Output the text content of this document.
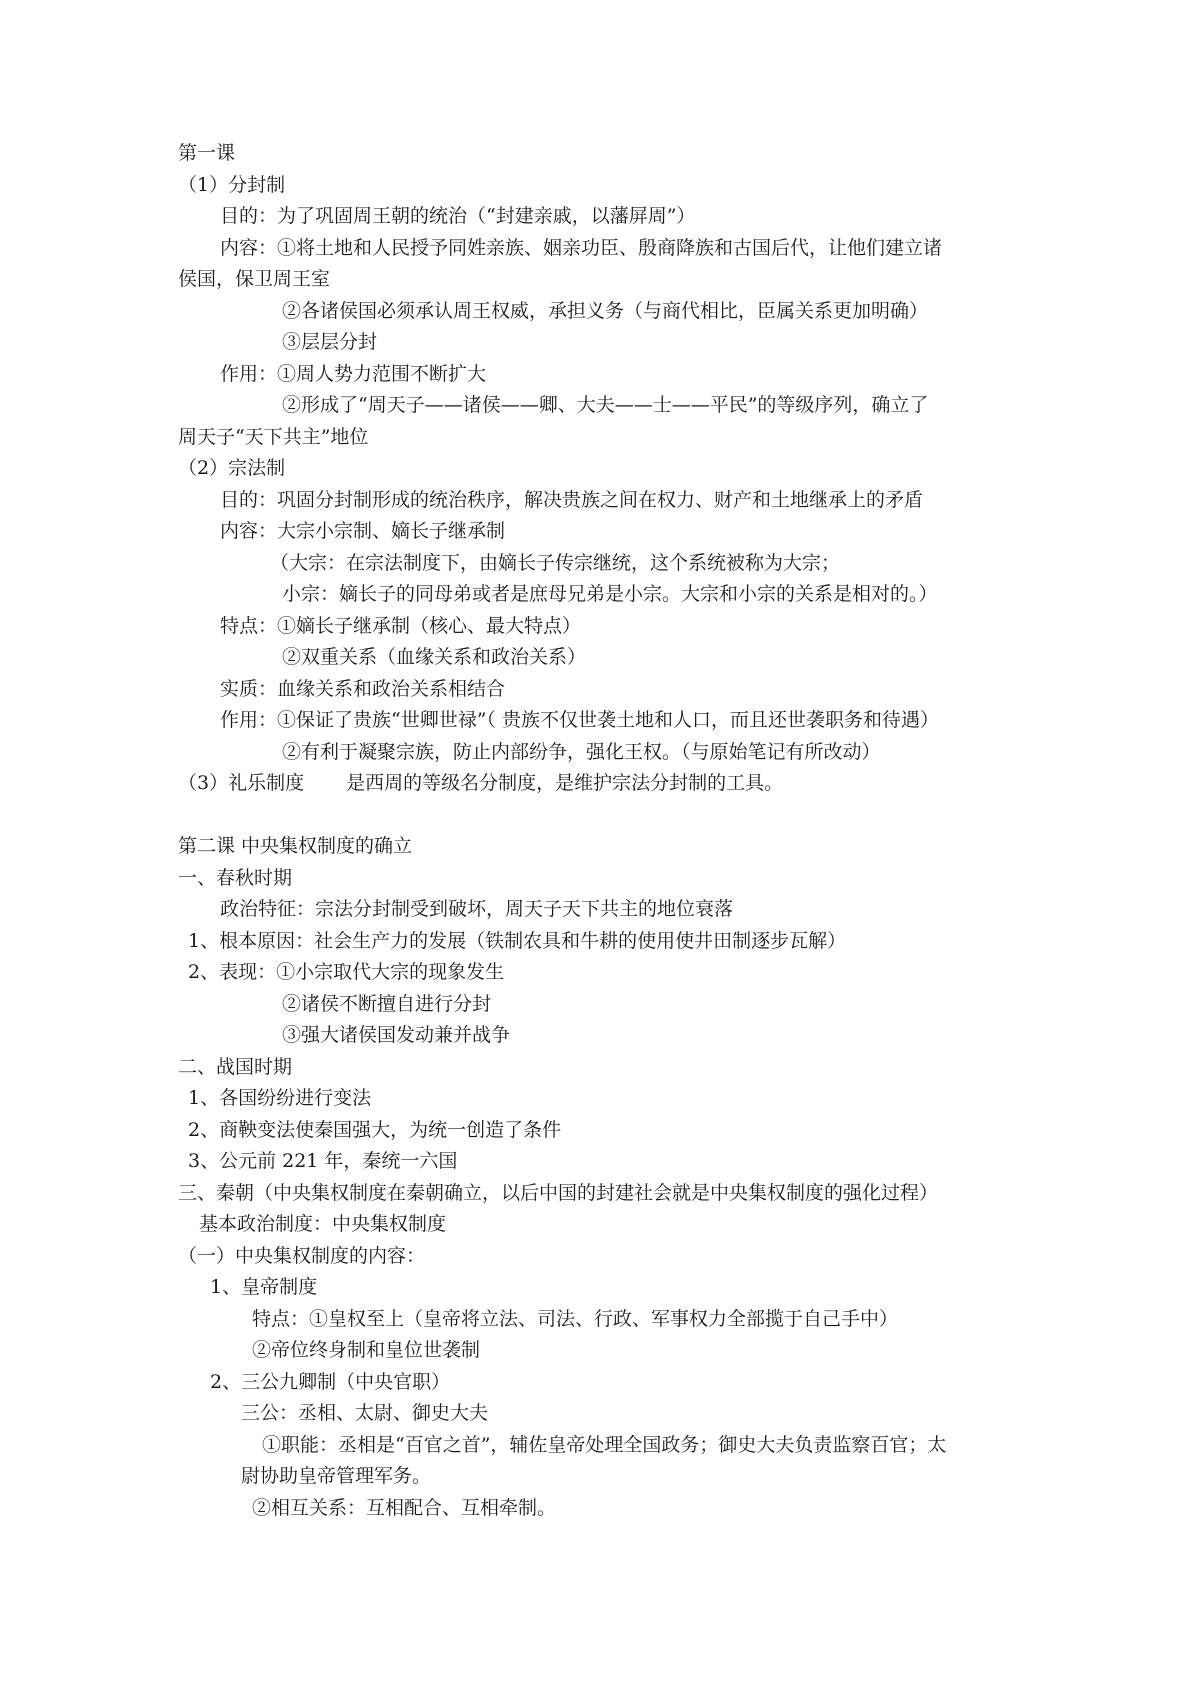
第一课
（1）分封制
目的：为了巩固周王朝的统治（“封建亲戚，以藩屏周”）
内容：①将土地和人民授予同姓亲族、姻亲功臣、殷商降族和古国后代，让他们建立诸
侯国，保卫周王室
②各诸侯国必须承认周王权威，承担义务（与商代相比，臣属关系更加明确）
③层层分封
作用：①周人势力范围不断扩大
②形成了“周天子——诸侯——卿、大夫——士——平民”的等级序列，确立了
周天子“天下共主”地位
（2）宗法制
目的：巩固分封制形成的统治秩序，解决贵族之间在权力、财产和土地继承上的矛盾
内容：大宗小宗制、嫡长子继承制
（大宗：在宗法制度下，由嫡长子传宗继统，这个系统被称为大宗；
小宗：嫡长子的同母弟或者是庶母兄弟是小宗。大宗和小宗的关系是相对的。）
特点：①嫡长子继承制（核心、最大特点）
②双重关系（血缘关系和政治关系）
实质：血缘关系和政治关系相结合
作用：①保证了贵族“世卿世禄”（ 贵族不仅世袭土地和人口，而且还世袭职务和待遇）
②有利于凝聚宗族，防止内部纷争，强化王权。（与原始笔记有所改动）
（3）礼乐制度 是西周的等级名分制度，是维护宗法分封制的工具。
第二课 中央集权制度的确立
一、春秋时期
政治特征：宗法分封制受到破坏，周天子天下共主的地位衰落
1、根本原因：社会生产力的发展（铁制农具和牛耕的使用使井田制逐步瓦解）
2、表现：①小宗取代大宗的现象发生
②诸侯不断擅自进行分封
③强大诸侯国发动兼并战争
二、战国时期
1、各国纷纷进行变法
2、商鞅变法使秦国强大，为统一创造了条件
3、公元前 221 年，秦统一六国
三、秦朝（中央集权制度在秦朝确立，以后中国的封建社会就是中央集权制度的强化过程）
基本政治制度：中央集权制度
（一）中央集权制度的内容：
1、皇帝制度
特点：①皇权至上（皇帝将立法、司法、行政、军事权力全部揽于自己手中）
②帝位终身制和皇位世袭制
2、三公九卿制（中央官职）
三公：丞相、太尉、御史大夫
①职能：丞相是“百官之首”，辅佐皇帝处理全国政务；御史大夫负责监察百官；太
尉协助皇帝管理军务。
②相互关系：互相配合、互相牵制。
